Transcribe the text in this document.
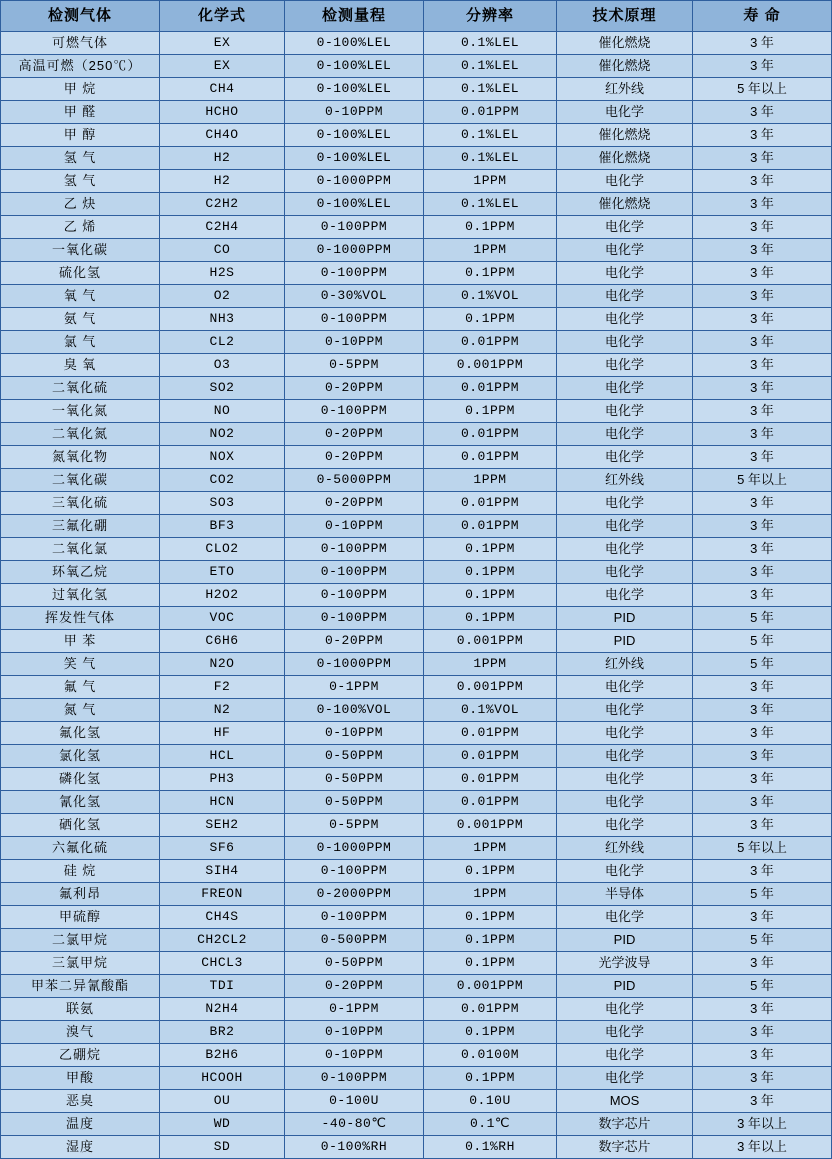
检测气体	化学式	检测量程	分辨率	技术原理	寿 命
可燃气体	EX	0-100%LEL	0.1%LEL	催化燃烧	3 年
高温可燃（250℃）	EX	0-100%LEL	0.1%LEL	催化燃烧	3 年
甲 烷	CH4	0-100%LEL	0.1%LEL	红外线	5 年以上
甲 醛	HCHO	0-10PPM	0.01PPM	电化学	3 年
甲 醇	CH4O	0-100%LEL	0.1%LEL	催化燃烧	3 年
氢 气	H2	0-100%LEL	0.1%LEL	催化燃烧	3 年
氢 气	H2	0-1000PPM	1PPM	电化学	3 年
乙 炔	C2H2	0-100%LEL	0.1%LEL	催化燃烧	3 年
乙 烯	C2H4	0-100PPM	0.1PPM	电化学	3 年
一氧化碳	CO	0-1000PPM	1PPM	电化学	3 年
硫化氢	H2S	0-100PPM	0.1PPM	电化学	3 年
氧 气	O2	0-30%VOL	0.1%VOL	电化学	3 年
氨 气	NH3	0-100PPM	0.1PPM	电化学	3 年
氯 气	CL2	0-10PPM	0.01PPM	电化学	3 年
臭 氧	O3	0-5PPM	0.001PPM	电化学	3 年
二氧化硫	SO2	0-20PPM	0.01PPM	电化学	3 年
一氧化氮	NO	0-100PPM	0.1PPM	电化学	3 年
二氧化氮	NO2	0-20PPM	0.01PPM	电化学	3 年
氮氧化物	NOX	0-20PPM	0.01PPM	电化学	3 年
二氧化碳	CO2	0-5000PPM	1PPM	红外线	5 年以上
三氧化硫	SO3	0-20PPM	0.01PPM	电化学	3 年
三氟化硼	BF3	0-10PPM	0.01PPM	电化学	3 年
二氧化氯	CLO2	0-100PPM	0.1PPM	电化学	3 年
环氧乙烷	ETO	0-100PPM	0.1PPM	电化学	3 年
过氧化氢	H2O2	0-100PPM	0.1PPM	电化学	3 年
挥发性气体	VOC	0-100PPM	0.1PPM	PID	5 年
甲 苯	C6H6	0-20PPM	0.001PPM	PID	5 年
笑 气	N2O	0-1000PPM	1PPM	红外线	5 年
氟 气	F2	0-1PPM	0.001PPM	电化学	3 年
氮 气	N2	0-100%VOL	0.1%VOL	电化学	3 年
氟化氢	HF	0-10PPM	0.01PPM	电化学	3 年
氯化氢	HCL	0-50PPM	0.01PPM	电化学	3 年
磷化氢	PH3	0-50PPM	0.01PPM	电化学	3 年
氰化氢	HCN	0-50PPM	0.01PPM	电化学	3 年
硒化氢	SEH2	0-5PPM	0.001PPM	电化学	3 年
六氟化硫	SF6	0-1000PPM	1PPM	红外线	5 年以上
硅 烷	SIH4	0-100PPM	0.1PPM	电化学	3 年
氟利昂	FREON	0-2000PPM	1PPM	半导体	5 年
甲硫醇	CH4S	0-100PPM	0.1PPM	电化学	3 年
二氯甲烷	CH2CL2	0-500PPM	0.1PPM	PID	5 年
三氯甲烷	CHCL3	0-50PPM	0.1PPM	光学波导	3 年
甲苯二异氰酸酯	TDI	0-20PPM	0.001PPM	PID	5 年
联氨	N2H4	0-1PPM	0.01PPM	电化学	3 年
溴气	BR2	0-10PPM	0.1PPM	电化学	3 年
乙硼烷	B2H6	0-10PPM	0.0100M	电化学	3 年
甲酸	HCOOH	0-100PPM	0.1PPM	电化学	3 年
恶臭	OU	0-100U	0.10U	MOS	3 年
温度	WD	-40-80℃	0.1℃	数字芯片	3 年以上
湿度	SD	0-100%RH	0.1%RH	数字芯片	3 年以上
